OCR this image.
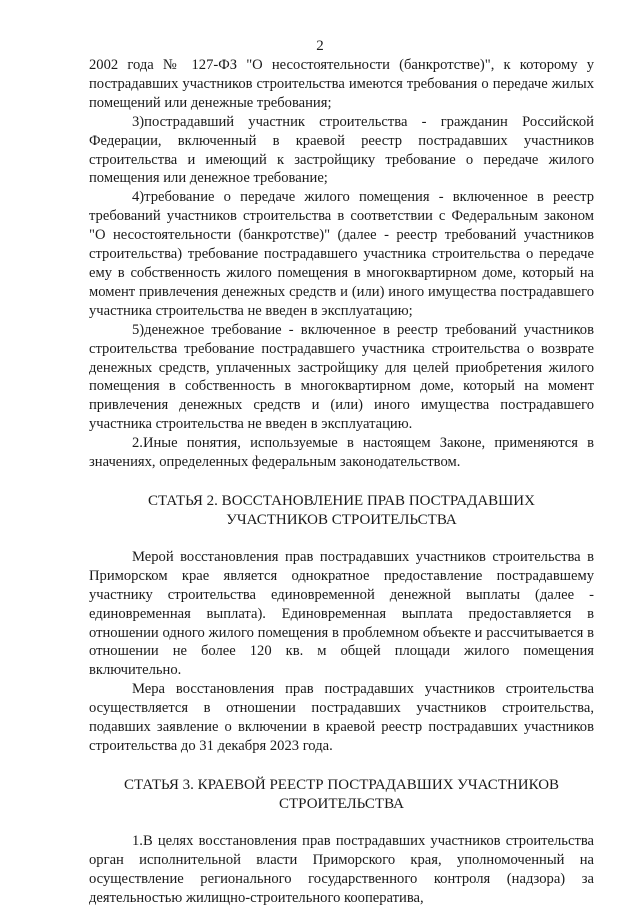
2

2002 года № 127-ФЗ "О несостоятельности (банкротстве)", к которому у пострадавших участников строительства имеются требования о передаче жилых помещений или денежные требования;

3)пострадавший участник строительства - гражданин Российской Федерации, включенный в краевой реестр пострадавших участников строительства и имеющий к застройщику требование о передаче жилого помещения или денежное требование;

4)требование о передаче жилого помещения - включенное в реестр требований участников строительства в соответствии с Федеральным законом "О несостоятельности (банкротстве)" (далее - реестр требований участников строительства) требование пострадавшего участника строительства о передаче ему в собственность жилого помещения в многоквартирном доме, который на момент привлечения денежных средств и (или) иного имущества пострадавшего участника строительства не введен в эксплуатацию;

5)денежное требование - включенное в реестр требований участников строительства требование пострадавшего участника строительства о возврате денежных средств, уплаченных застройщику для целей приобретения жилого помещения в собственность в многоквартирном доме, который на момент привлечения денежных средств и (или) иного имущества пострадавшего участника строительства не введен в эксплуатацию.

2.Иные понятия, используемые в настоящем Законе, применяются в значениях, определенных федеральным законодательством.

СТАТЬЯ 2. ВОССТАНОВЛЕНИЕ ПРАВ ПОСТРАДАВШИХ
УЧАСТНИКОВ СТРОИТЕЛЬСТВА

Мерой восстановления прав пострадавших участников строительства в Приморском крае является однократное предоставление пострадавшему участнику строительства единовременной денежной выплаты (далее - единовременная выплата). Единовременная выплата предоставляется в отношении одного жилого помещения в проблемном объекте и рассчитывается в отношении не более 120 кв. м общей площади жилого помещения включительно.

Мера восстановления прав пострадавших участников строительства осуществляется в отношении пострадавших участников строительства, подавших заявление о включении в краевой реестр пострадавших участников строительства до 31 декабря 2023 года.

СТАТЬЯ 3. КРАЕВОЙ РЕЕСТР ПОСТРАДАВШИХ УЧАСТНИКОВ
СТРОИТЕЛЬСТВА

1.В целях восстановления прав пострадавших участников строительства орган исполнительной власти Приморского края, уполномоченный на осуществление регионального государственного контроля (надзора) за деятельностью жилищно-строительного кооператива,
